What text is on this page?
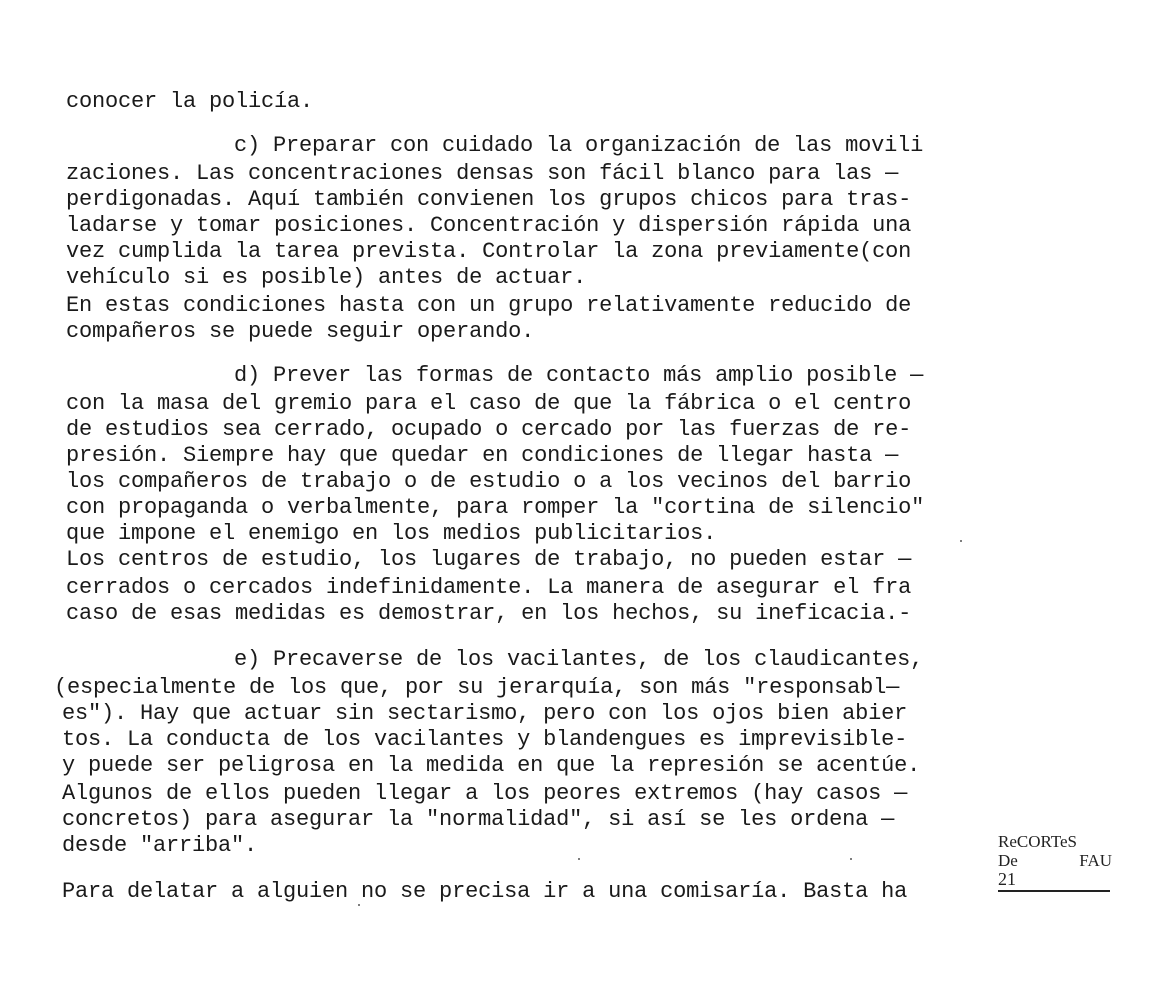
conocer la policía.
c) Preparar con cuidado la organización de las movili
zaciones. Las concentraciones densas son fácil blanco para las —
perdigonadas. Aquí también convienen los grupos chicos para tras-
ladarse y tomar posiciones. Concentración y dispersión rápida una
vez cumplida la tarea prevista. Controlar la zona previamente(con
vehículo si es posible) antes de actuar.
En estas condiciones hasta con un grupo relativamente reducido de
compañeros se puede seguir operando.
d) Prever las formas de contacto más amplio posible —
con la masa del gremio para el caso de que la fábrica o el centro
de estudios sea cerrado, ocupado o cercado por las fuerzas de re-
presión. Siempre hay que quedar en condiciones de llegar hasta —
los compañeros de trabajo o de estudio o a los vecinos del barrio
con propaganda o verbalmente, para romper la "cortina de silencio"
que impone el enemigo en los medios publicitarios.
Los centros de estudio, los lugares de trabajo, no pueden estar —
cerrados o cercados indefinidamente. La manera de asegurar el fra
caso de esas medidas es demostrar, en los hechos, su ineficacia.-
e) Precaverse de los vacilantes, de los claudicantes,
(especialmente de los que, por su jerarquía, son más "responsabl—
es"). Hay que actuar sin sectarismo, pero con los ojos bien abier
tos. La conducta de los vacilantes y blandengues es imprevisible-
y puede ser peligrosa en la medida en que la represión se acentúe.
Algunos de ellos pueden llegar a los peores extremos (hay casos —
concretos) para asegurar la "normalidad", si así se les ordena —
desde "arriba".
Para delatar a alguien no se precisa ir a una comisaría. Basta ha
ReCORTeS
De	FAU
21
